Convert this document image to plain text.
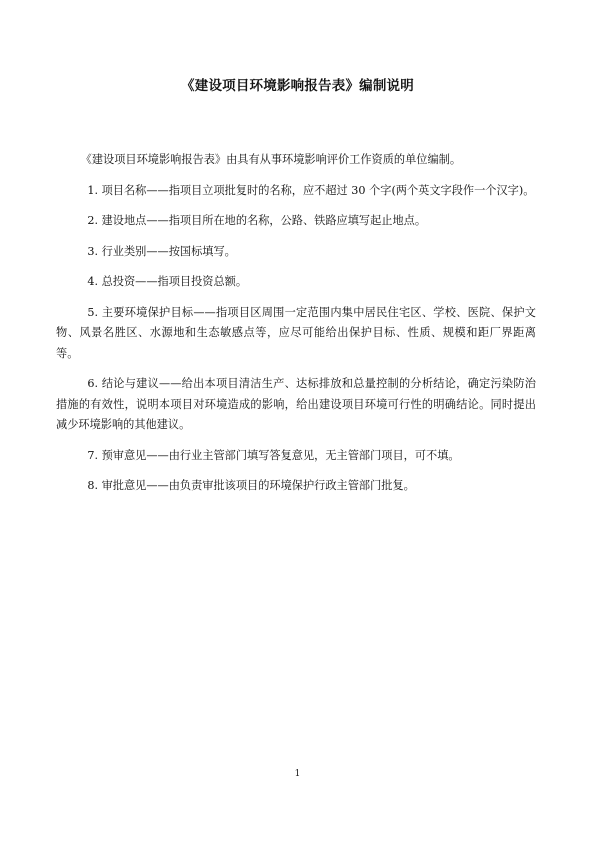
《建设项目环境影响报告表》编制说明

《建设项目环境影响报告表》由具有从事环境影响评价工作资质的单位编制。

1. 项目名称——指项目立项批复时的名称，应不超过 30 个字(两个英文字段作一个汉字)。

2. 建设地点——指项目所在地的名称，公路、铁路应填写起止地点。

3. 行业类别——按国标填写。

4. 总投资——指项目投资总额。

5. 主要环境保护目标——指项目区周围一定范围内集中居民住宅区、学校、医院、保护文物、风景名胜区、水源地和生态敏感点等，应尽可能给出保护目标、性质、规模和距厂界距离等。

6. 结论与建议——给出本项目清洁生产、达标排放和总量控制的分析结论，确定污染防治措施的有效性，说明本项目对环境造成的影响，给出建设项目环境可行性的明确结论。同时提出减少环境影响的其他建议。

7. 预审意见——由行业主管部门填写答复意见，无主管部门项目，可不填。

8. 审批意见——由负责审批该项目的环境保护行政主管部门批复。

1
